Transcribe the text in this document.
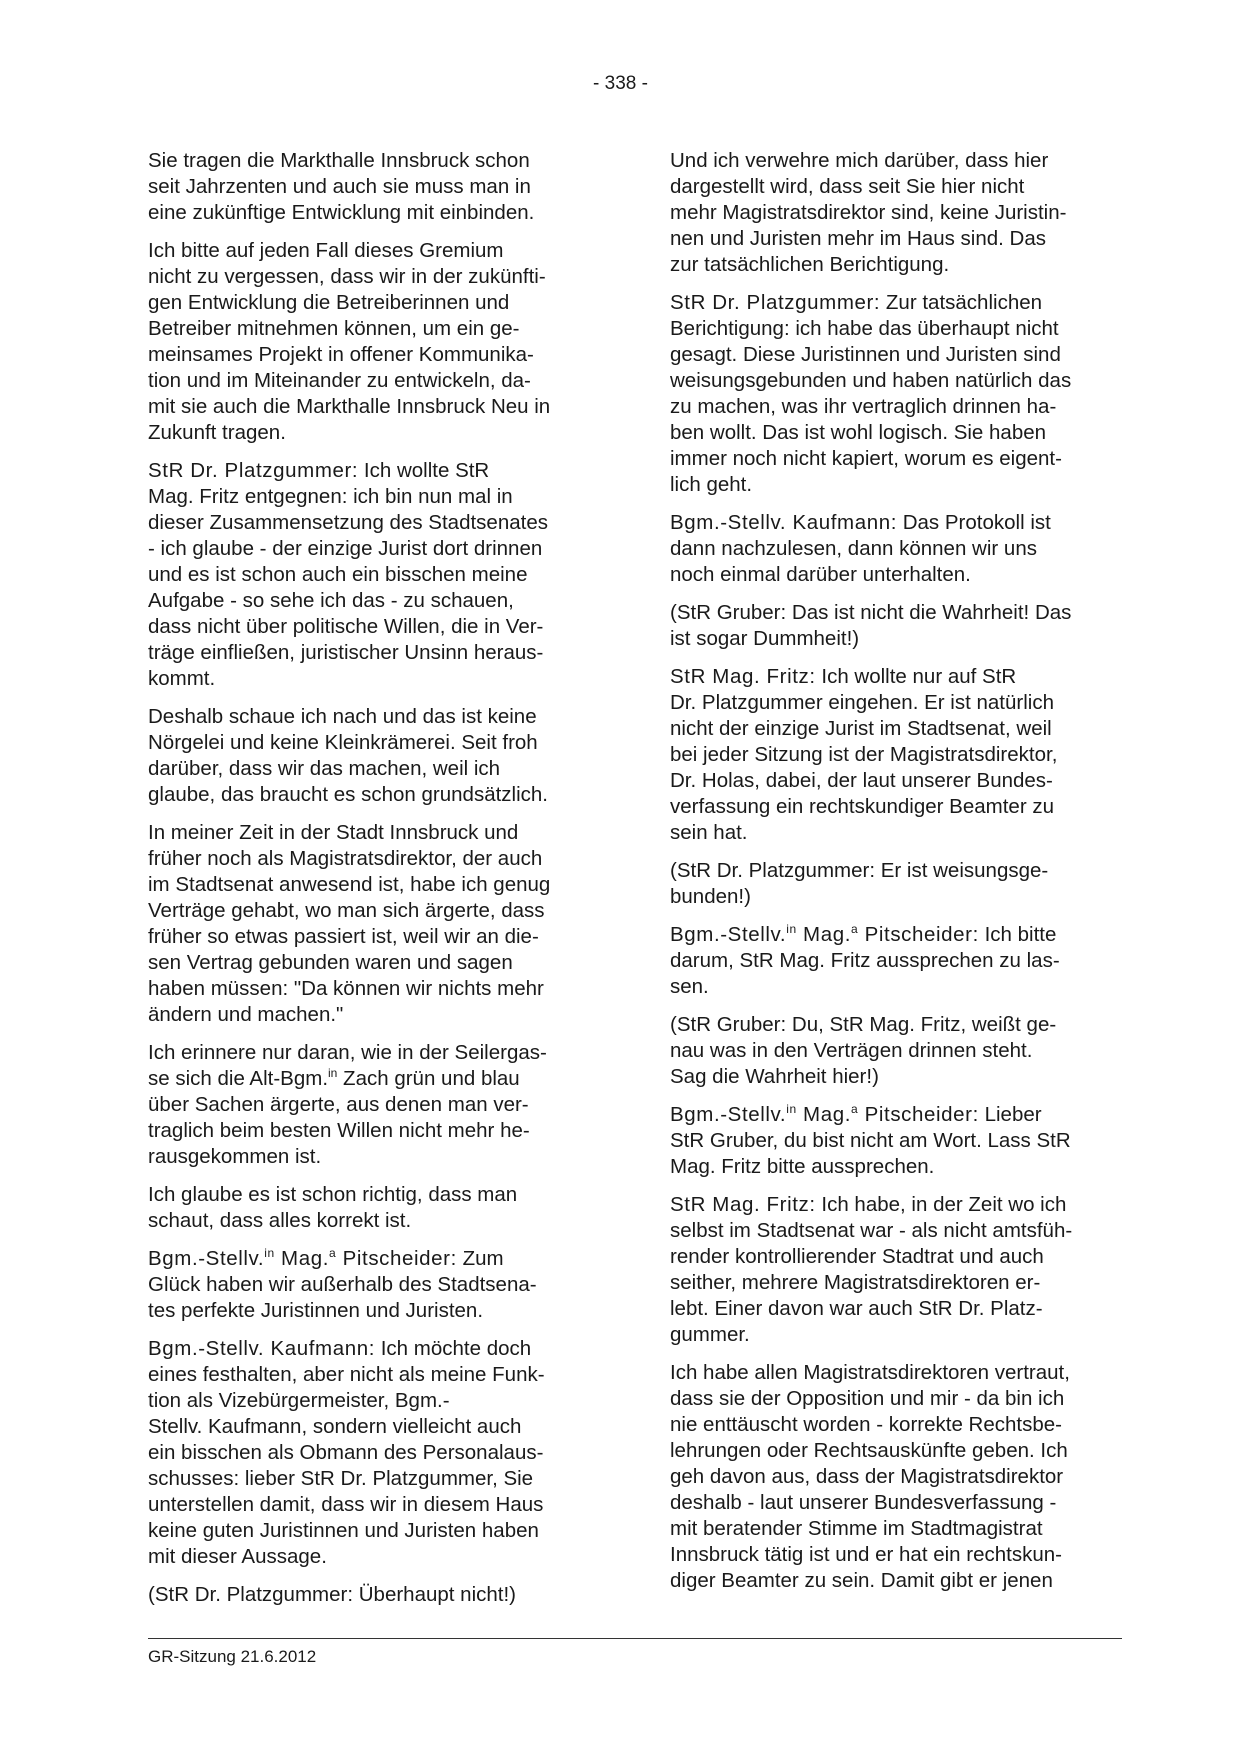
- 338 -

Sie tragen die Markthalle Innsbruck schon
seit Jahrzenten und auch sie muss man in
eine zukünftige Entwicklung mit einbinden.

Ich bitte auf jeden Fall dieses Gremium
nicht zu vergessen, dass wir in der zukünfti-
gen Entwicklung die Betreiberinnen und
Betreiber mitnehmen können, um ein ge-
meinsames Projekt in offener Kommunika-
tion und im Miteinander zu entwickeln, da-
mit sie auch die Markthalle Innsbruck Neu in
Zukunft tragen.

StR Dr. Platzgummer: Ich wollte StR
Mag. Fritz entgegnen: ich bin nun mal in
dieser Zusammensetzung des Stadtsenates
- ich glaube - der einzige Jurist dort drinnen
und es ist schon auch ein bisschen meine
Aufgabe - so sehe ich das - zu schauen,
dass nicht über politische Willen, die in Ver-
träge einfließen, juristischer Unsinn heraus-
kommt.

Deshalb schaue ich nach und das ist keine
Nörgelei und keine Kleinkrämerei. Seit froh
darüber, dass wir das machen, weil ich
glaube, das braucht es schon grundsätzlich.

In meiner Zeit in der Stadt Innsbruck und
früher noch als Magistratsdirektor, der auch
im Stadtsenat anwesend ist, habe ich genug
Verträge gehabt, wo man sich ärgerte, dass
früher so etwas passiert ist, weil wir an die-
sen Vertrag gebunden waren und sagen
haben müssen: "Da können wir nichts mehr
ändern und machen."

Ich erinnere nur daran, wie in der Seilergas-
se sich die Alt-Bgm.$^{in}$ Zach grün und blau
über Sachen ärgerte, aus denen man ver-
traglich beim besten Willen nicht mehr he-
rausgekommen ist.

Ich glaube es ist schon richtig, dass man
schaut, dass alles korrekt ist.

Bgm.-Stellv.$^{in}$ Mag.$^a$ Pitscheider: Zum
Glück haben wir außerhalb des Stadtsena-
tes perfekte Juristinnen und Juristen.

Bgm.-Stellv. Kaufmann: Ich möchte doch
eines festhalten, aber nicht als meine Funk-
tion als Vizebürgermeister, Bgm.-
Stellv. Kaufmann, sondern vielleicht auch
ein bisschen als Obmann des Personalaus-
schusses: lieber StR Dr. Platzgummer, Sie
unterstellen damit, dass wir in diesem Haus
keine guten Juristinnen und Juristen haben
mit dieser Aussage.

(StR Dr. Platzgummer: Überhaupt nicht!)

Und ich verwehre mich darüber, dass hier
dargestellt wird, dass seit Sie hier nicht
mehr Magistratsdirektor sind, keine Juristin-
nen und Juristen mehr im Haus sind. Das
zur tatsächlichen Berichtigung.

StR Dr. Platzgummer: Zur tatsächlichen
Berichtigung: ich habe das überhaupt nicht
gesagt. Diese Juristinnen und Juristen sind
weisungsgebunden und haben natürlich das
zu machen, was ihr vertraglich drinnen ha-
ben wollt. Das ist wohl logisch. Sie haben
immer noch nicht kapiert, worum es eigent-
lich geht.

Bgm.-Stellv. Kaufmann: Das Protokoll ist
dann nachzulesen, dann können wir uns
noch einmal darüber unterhalten.

(StR Gruber: Das ist nicht die Wahrheit! Das
ist sogar Dummheit!)

StR Mag. Fritz: Ich wollte nur auf StR
Dr. Platzgummer eingehen. Er ist natürlich
nicht der einzige Jurist im Stadtsenat, weil
bei jeder Sitzung ist der Magistratsdirektor,
Dr. Holas, dabei, der laut unserer Bundes-
verfassung ein rechtskundiger Beamter zu
sein hat.

(StR Dr. Platzgummer: Er ist weisungsge-
bunden!)

Bgm.-Stellv.$^{in}$ Mag.$^a$ Pitscheider: Ich bitte
darum, StR Mag. Fritz aussprechen zu las-
sen.

(StR Gruber: Du, StR Mag. Fritz, weißt ge-
nau was in den Verträgen drinnen steht.
Sag die Wahrheit hier!)

Bgm.-Stellv.$^{in}$ Mag.$^a$ Pitscheider: Lieber
StR Gruber, du bist nicht am Wort. Lass StR
Mag. Fritz bitte aussprechen.

StR Mag. Fritz: Ich habe, in der Zeit wo ich
selbst im Stadtsenat war - als nicht amtsfüh-
render kontrollierender Stadtrat und auch
seither, mehrere Magistratsdirektoren er-
lebt. Einer davon war auch StR Dr. Platz-
gummer.

Ich habe allen Magistratsdirektoren vertraut,
dass sie der Opposition und mir - da bin ich
nie enttäuscht worden - korrekte Rechtsbe-
lehrungen oder Rechtsauskünfte geben. Ich
geh davon aus, dass der Magistratsdirektor
deshalb - laut unserer Bundesverfassung -
mit beratender Stimme im Stadtmagistrat
Innsbruck tätig ist und er hat ein rechtskun-
diger Beamter zu sein. Damit gibt er jenen

GR-Sitzung 21.6.2012
